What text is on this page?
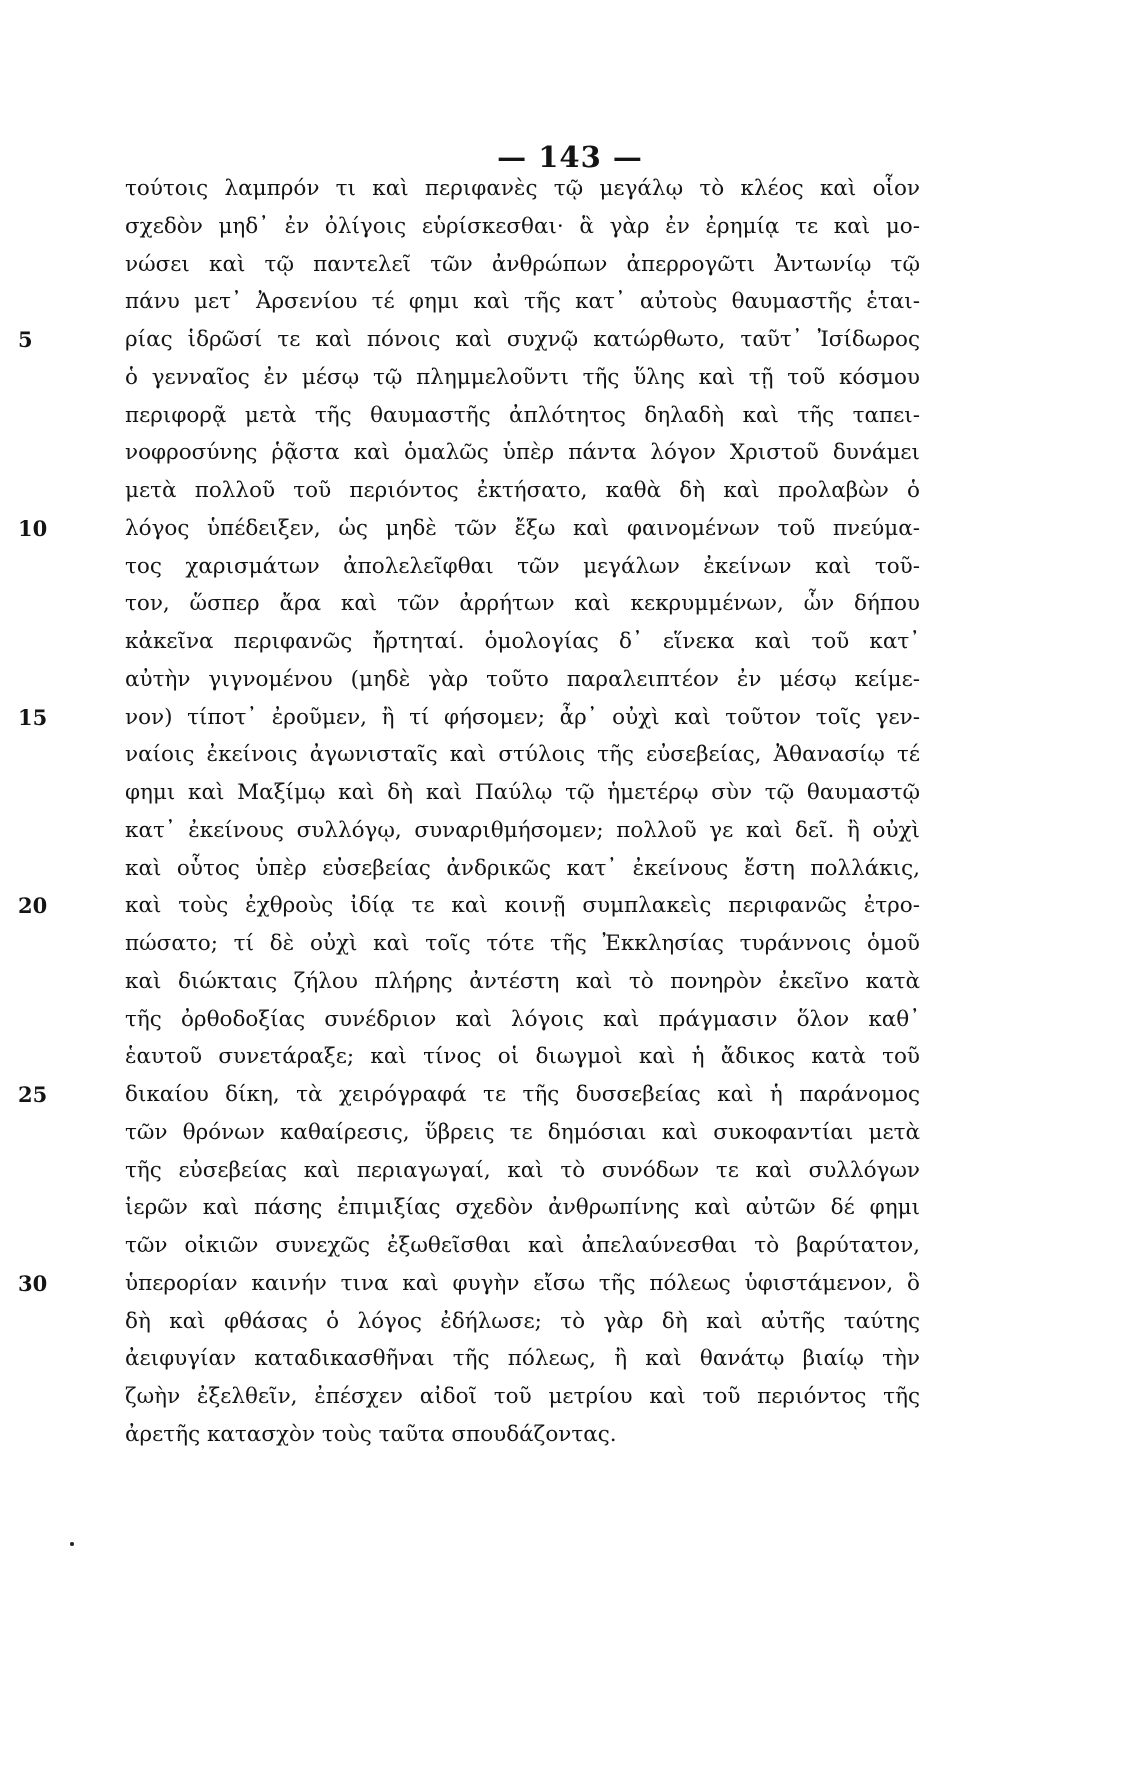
— 143 —
τούτοις λαμπρόν τι καὶ περιφανὲς τῷ μεγάλῳ τὸ κλέος καὶ οἷον
σχεδὸν μηδ᾽ ἐν ὀλίγοις εὑρίσκεσθαι· ἃ γὰρ ἐν ἐρημίᾳ τε καὶ μο-
νώσει καὶ τῷ παντελεῖ τῶν ἀνθρώπων ἀπερρογῶτι Ἀντωνίῳ τῷ
πάνυ μετ᾽ Ἀρσενίου τέ φημι καὶ τῆς κατ᾽ αὐτοὺς θαυμαστῆς ἑται-
5	ρίας ἱδρῶσί τε καὶ πόνοις καὶ συχνῷ κατώρθωτο, ταῦτ᾽ Ἰσίδωρος
ὁ γενναῖος ἐν μέσῳ τῷ πλημμελοῦντι τῆς ὕλης καὶ τῇ τοῦ κόσμου
περιφορᾷ μετὰ τῆς θαυμαστῆς ἀπλότητος δηλαδὴ καὶ τῆς ταπει-
νοφροσύνης ῥᾷστα καὶ ὁμαλῶς ὑπὲρ πάντα λόγον Χριστοῦ δυνάμει
μετὰ πολλοῦ τοῦ περιόντος ἐκτήσατο, καθὰ δὴ καὶ προλαβὼν ὁ
10	λόγος ὑπέδειξεν, ὡς μηδὲ τῶν ἔξω καὶ φαινομένων τοῦ πνεύμα-
τος χαρισμάτων ἀπολελεῖφθαι τῶν μεγάλων ἐκείνων καὶ τοῦ-
τον, ὥσπερ ἄρα καὶ τῶν ἀρρήτων καὶ κεκρυμμένων, ὧν δήπου
κἀκεῖνα περιφανῶς ἤρτηταί. ὁμολογίας δ᾽ εἵνεκα καὶ τοῦ κατ᾽
αὐτὴν γιγνομένου (μηδὲ γὰρ τοῦτο παραλειπτέον ἐν μέσῳ κείμε-
15	νον) τίποτ᾽ ἐροῦμεν, ἢ τί φήσομεν; ἆρ᾽ οὐχὶ καὶ τοῦτον τοῖς γεν-
ναίοις ἐκείνοις ἀγωνισταῖς καὶ στύλοις τῆς εὐσεβείας, Ἀθανασίῳ τέ
φημι καὶ Μαξίμῳ καὶ δὴ καὶ Παύλῳ τῷ ἡμετέρῳ σὺν τῷ θαυμαστῷ
κατ᾽ ἐκείνους συλλόγῳ, συναριθμήσομεν; πολλοῦ γε καὶ δεῖ. ἢ οὐχὶ
καὶ οὗτος ὑπὲρ εὐσεβείας ἀνδρικῶς κατ᾽ ἐκείνους ἔστη πολλάκις,
20	καὶ τοὺς ἐχθροὺς ἰδίᾳ τε καὶ κοινῇ συμπλακεὶς περιφανῶς ἐτρο-
πώσατο; τί δὲ οὐχὶ καὶ τοῖς τότε τῆς Ἐκκλησίας τυράννοις ὁμοῦ
καὶ διώκταις ζήλου πλήρης ἀντέστη καὶ τὸ πονηρὸν ἐκεῖνο κατὰ
τῆς ὀρθοδοξίας συνέδριον καὶ λόγοις καὶ πράγμασιν ὅλον καθ᾽
ἑαυτοῦ συνετάραξε; καὶ τίνος οἱ διωγμοὶ καὶ ἡ ἄδικος κατὰ τοῦ
25	δικαίου δίκη, τὰ χειρόγραφά τε τῆς δυσσεβείας καὶ ἡ παράνομος
τῶν θρόνων καθαίρεσις, ὕβρεις τε δημόσιαι καὶ συκοφαντίαι μετὰ
τῆς εὐσεβείας καὶ περιαγωγαί, καὶ τὸ συνόδων τε καὶ συλλόγων
ἱερῶν καὶ πάσης ἐπιμιξίας σχεδὸν ἀνθρωπίνης καὶ αὐτῶν δέ φημι
τῶν οἰκιῶν συνεχῶς ἐξωθεῖσθαι καὶ ἀπελαύνεσθαι τὸ βαρύτατον,
30	ὑπερορίαν καινήν τινα καὶ φυγὴν εἴσω τῆς πόλεως ὑφιστάμενον, ὃ
δὴ καὶ φθάσας ὁ λόγος ἐδήλωσε; τὸ γὰρ δὴ καὶ αὐτῆς ταύτης
ἀειφυγίαν καταδικασθῆναι τῆς πόλεως, ἢ καὶ θανάτῳ βιαίῳ τὴν
ζωὴν ἐξελθεῖν, ἐπέσχεν αἰδοῖ τοῦ μετρίου καὶ τοῦ περιόντος τῆς
ἀρετῆς κατασχὸν τοὺς ταῦτα σπουδάζοντας.
